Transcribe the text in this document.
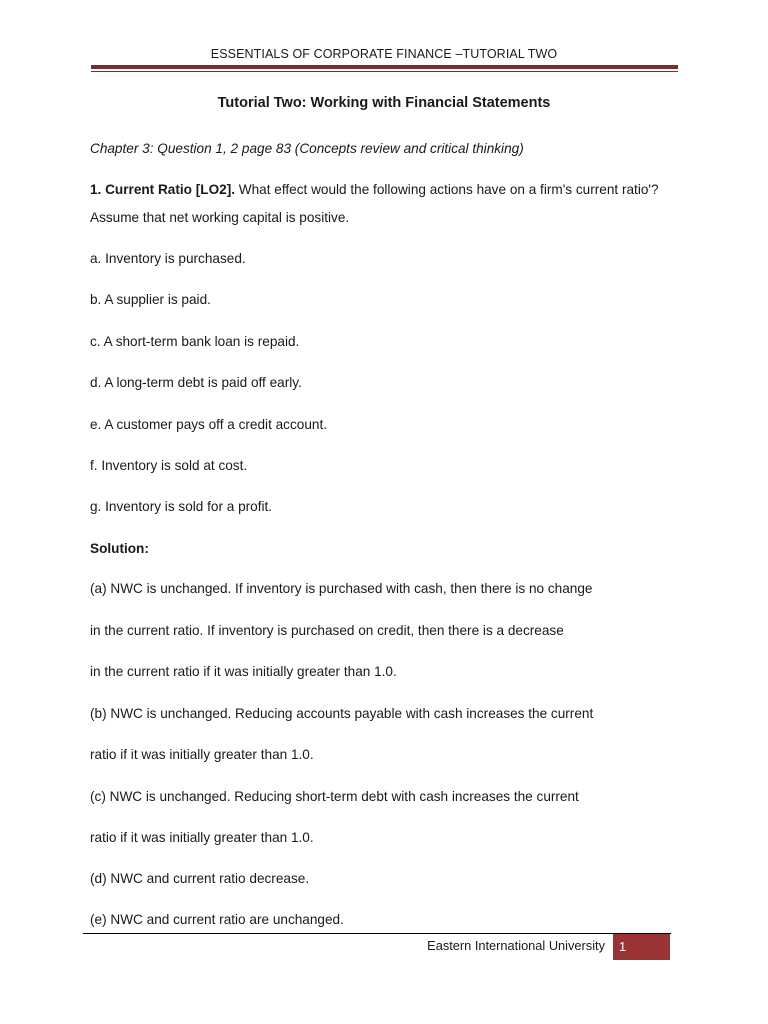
ESSENTIALS OF CORPORATE FINANCE –TUTORIAL TWO
Tutorial Two: Working with Financial Statements
Chapter 3: Question 1, 2 page 83 (Concepts review and critical thinking)
1. Current Ratio [LO2]. What effect would the following actions have on a firm's current ratio'?
Assume that net working capital is positive.
a. Inventory is purchased.
b. A supplier is paid.
c. A short-term bank loan is repaid.
d. A long-term debt is paid off early.
e. A customer pays off a credit account.
f. Inventory is sold at cost.
g. Inventory is sold for a profit.
Solution:
(a) NWC is unchanged. If inventory is purchased with cash, then there is no change
in the current ratio. If inventory is purchased on credit, then there is a decrease
in the current ratio if it was initially greater than 1.0.
(b) NWC is unchanged. Reducing accounts payable with cash increases the current
ratio if it was initially greater than 1.0.
(c) NWC is unchanged. Reducing short-term debt with cash increases the current
ratio if it was initially greater than 1.0.
(d) NWC and current ratio decrease.
(e) NWC and current ratio are unchanged.
Eastern International University 1
